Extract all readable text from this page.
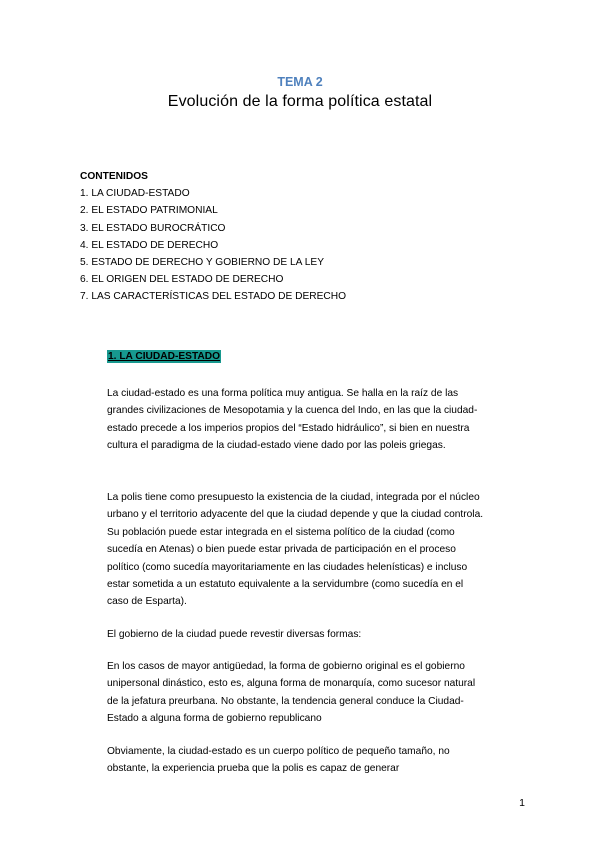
TEMA 2
Evolución de la forma política estatal
CONTENIDOS
1. LA CIUDAD-ESTADO
2. EL ESTADO PATRIMONIAL
3. EL ESTADO BUROCRÁTICO
4. EL ESTADO DE DERECHO
5. ESTADO DE DERECHO Y GOBIERNO DE LA LEY
6. EL ORIGEN DEL ESTADO DE DERECHO
7. LAS CARACTERÍSTICAS DEL ESTADO DE DERECHO
1. LA CIUDAD-ESTADO

La ciudad-estado es una forma política muy antigua. Se halla en la raíz de las grandes civilizaciones de Mesopotamia y la cuenca del Indo, en las que la ciudad-estado precede a los imperios propios del “Estado hidráulico”, si bien en nuestra cultura el paradigma de la ciudad-estado viene dado por las poleis griegas.

La polis tiene como presupuesto la existencia de la ciudad, integrada por el núcleo urbano y el territorio adyacente del que la ciudad depende y que la ciudad controla. Su población puede estar integrada en el sistema político de la ciudad (como sucedía en Atenas) o bien puede estar privada de participación en el proceso político (como sucedía mayoritariamente en las ciudades helenísticas) e incluso estar sometida a un estatuto equivalente a la servidumbre (como sucedía en el caso de Esparta).

El gobierno de la ciudad puede revestir diversas formas:

En los casos de mayor antigüedad, la forma de gobierno original es el gobierno unipersonal dinástico, esto es, alguna forma de monarquía, como sucesor natural de la jefatura preurbana. No obstante, la tendencia general conduce la Ciudad-Estado a alguna forma de gobierno republicano

Obviamente, la ciudad-estado es un cuerpo político de pequeño tamaño, no obstante, la experiencia prueba que la polis es capaz de generar

1
